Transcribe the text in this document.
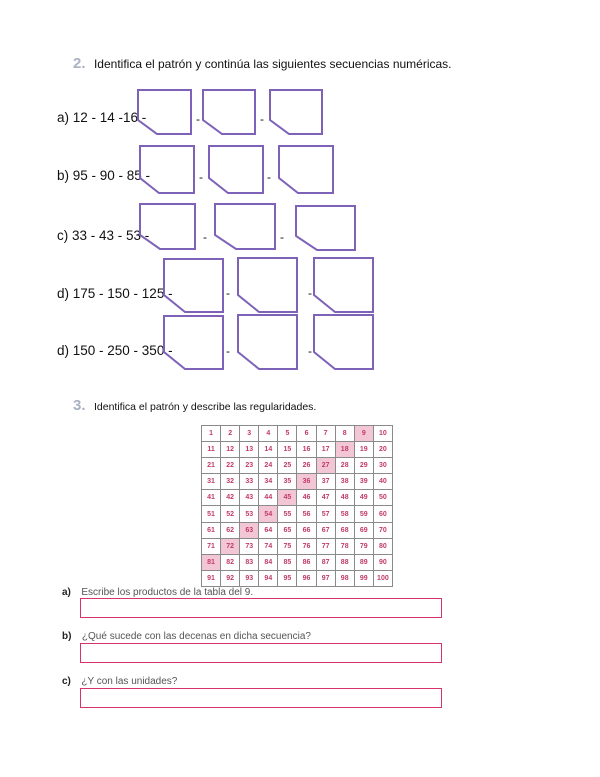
2. Identifica el patrón y continúa las siguientes secuencias numéricas.
a) 12 - 14 -16 -	-	-
b) 95 - 90 - 85 -	-	-
c) 33 - 43 - 53 -	-	-
d) 175 - 150 - 125 -	-	-
d) 150 - 250 - 350 -	-	-
3. Identifica el patrón y describe las regularidades.
1	2	3	4	5	6	7	8	9	10
11	12	13	14	15	16	17	18	19	20
21	22	23	24	25	26	27	28	29	30
31	32	33	34	35	36	37	38	39	40
41	42	43	44	45	46	47	48	49	50
51	52	53	54	55	56	57	58	59	60
61	62	63	64	65	66	67	68	69	70
71	72	73	74	75	76	77	78	79	80
81	82	83	84	85	86	87	88	89	90
91	92	93	94	95	96	97	98	99	100
a) Escribe los productos de la tabla del 9.
b) ¿Qué sucede con las decenas en dicha secuencia?
c) ¿Y con las unidades?
